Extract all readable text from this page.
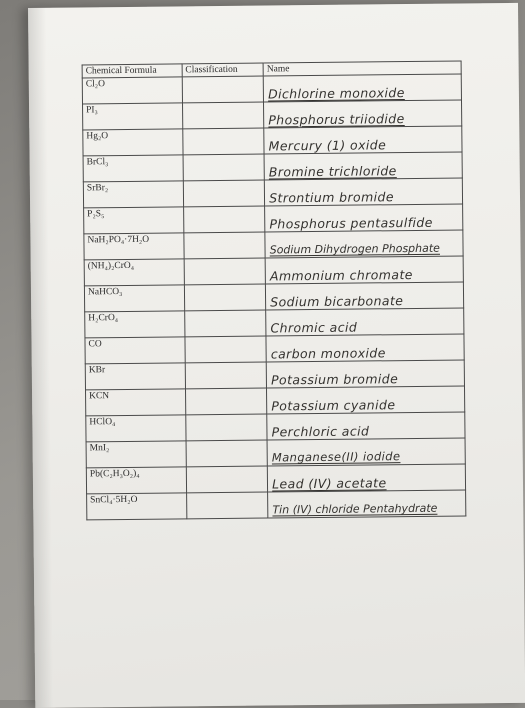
Chemical Formula	Classification	Name
Cl₂O		Dichlorine monoxide

PI₃		Phosphorus triiodide

Hg₂O		Mercury (1) oxide

BrCl₃		Bromine trichloride

SrBr₂		Strontium bromide

P₂S₅		Phosphorus pentasulfide

NaH₂PO₄·7H₂O		Sodium Dihydrogen Phosphate

(NH₄)₂CrO₄		Ammonium chromate

NaHCO₃		Sodium bicarbonate

H₂CrO₄		Chromic acid

CO		carbon monoxide

KBr		Potassium bromide

KCN		Potassium cyanide

HClO₄		Perchloric acid

MnI₂		Manganese(II) iodide

Pb(C₂H₃O₂)₄		Lead (IV) acetate

SnCl₄·5H₂O		Tin (IV) chloride Pentahydrate
